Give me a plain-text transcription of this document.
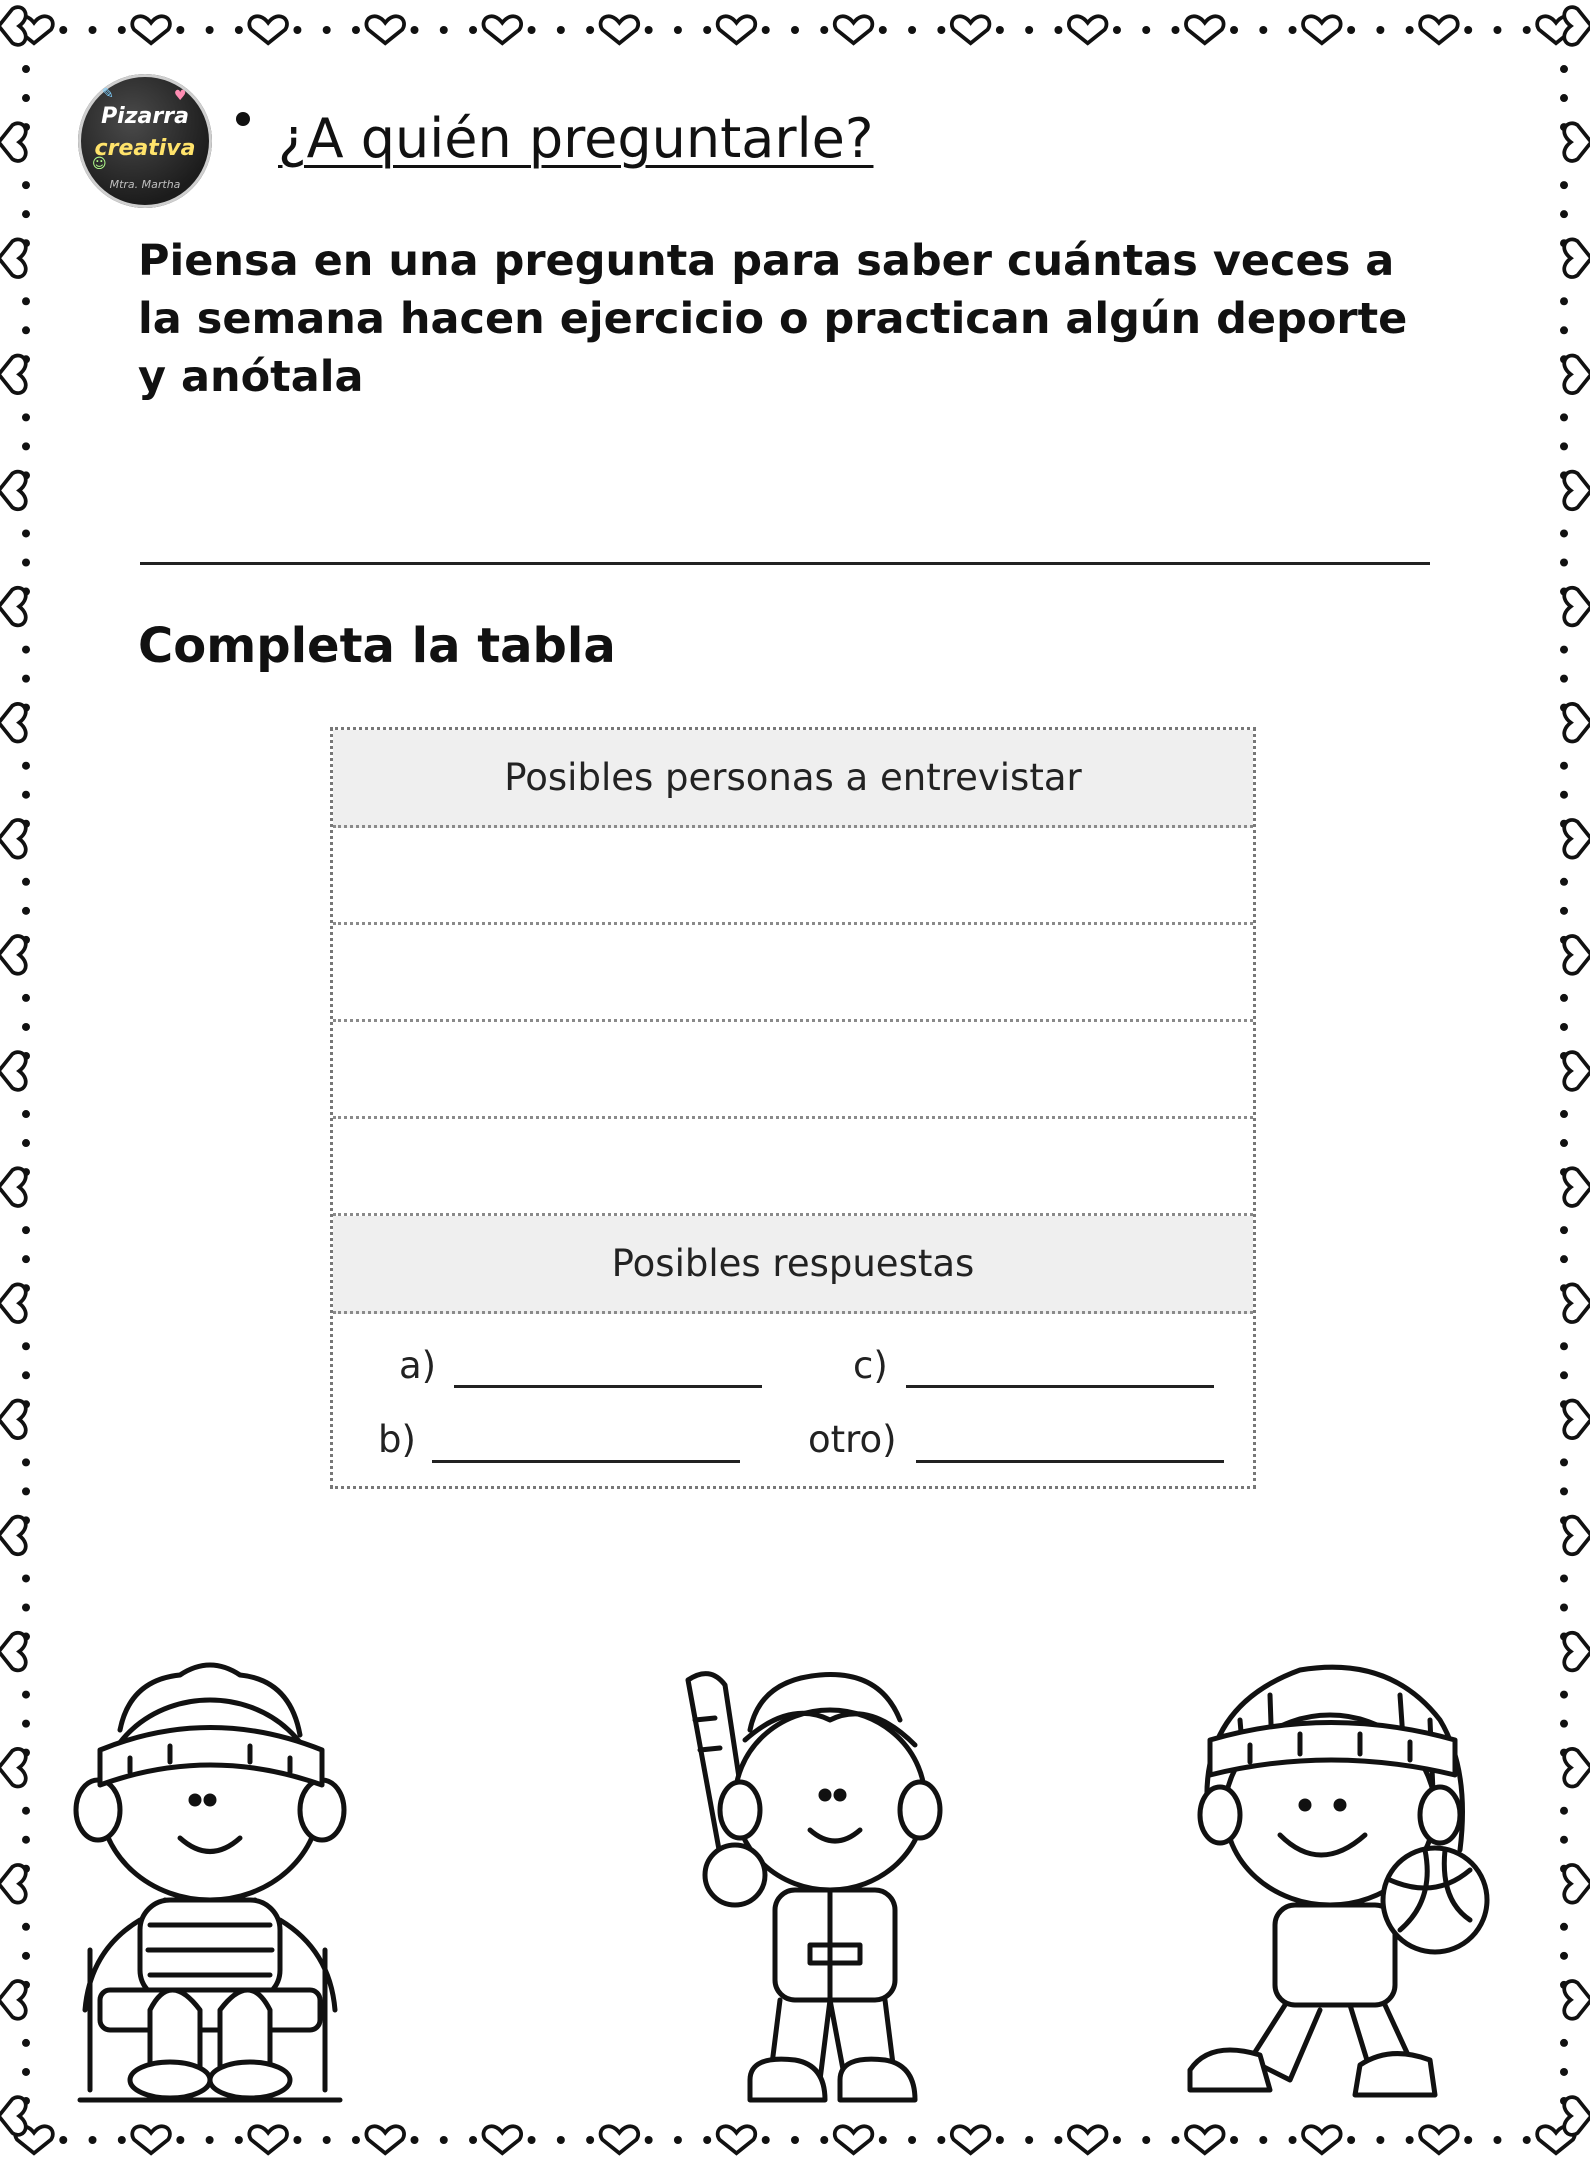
✎	♥
☺
Pizarra
creativa
Mtra. Martha
¿A quién preguntarle?
Piensa en una pregunta para saber cuántas veces a la semana hacen ejercicio o practican algún deporte y anótala
Completa la tabla
Posibles personas a entrevistar
Posibles respuestas
a)
b)
c)
otro)
